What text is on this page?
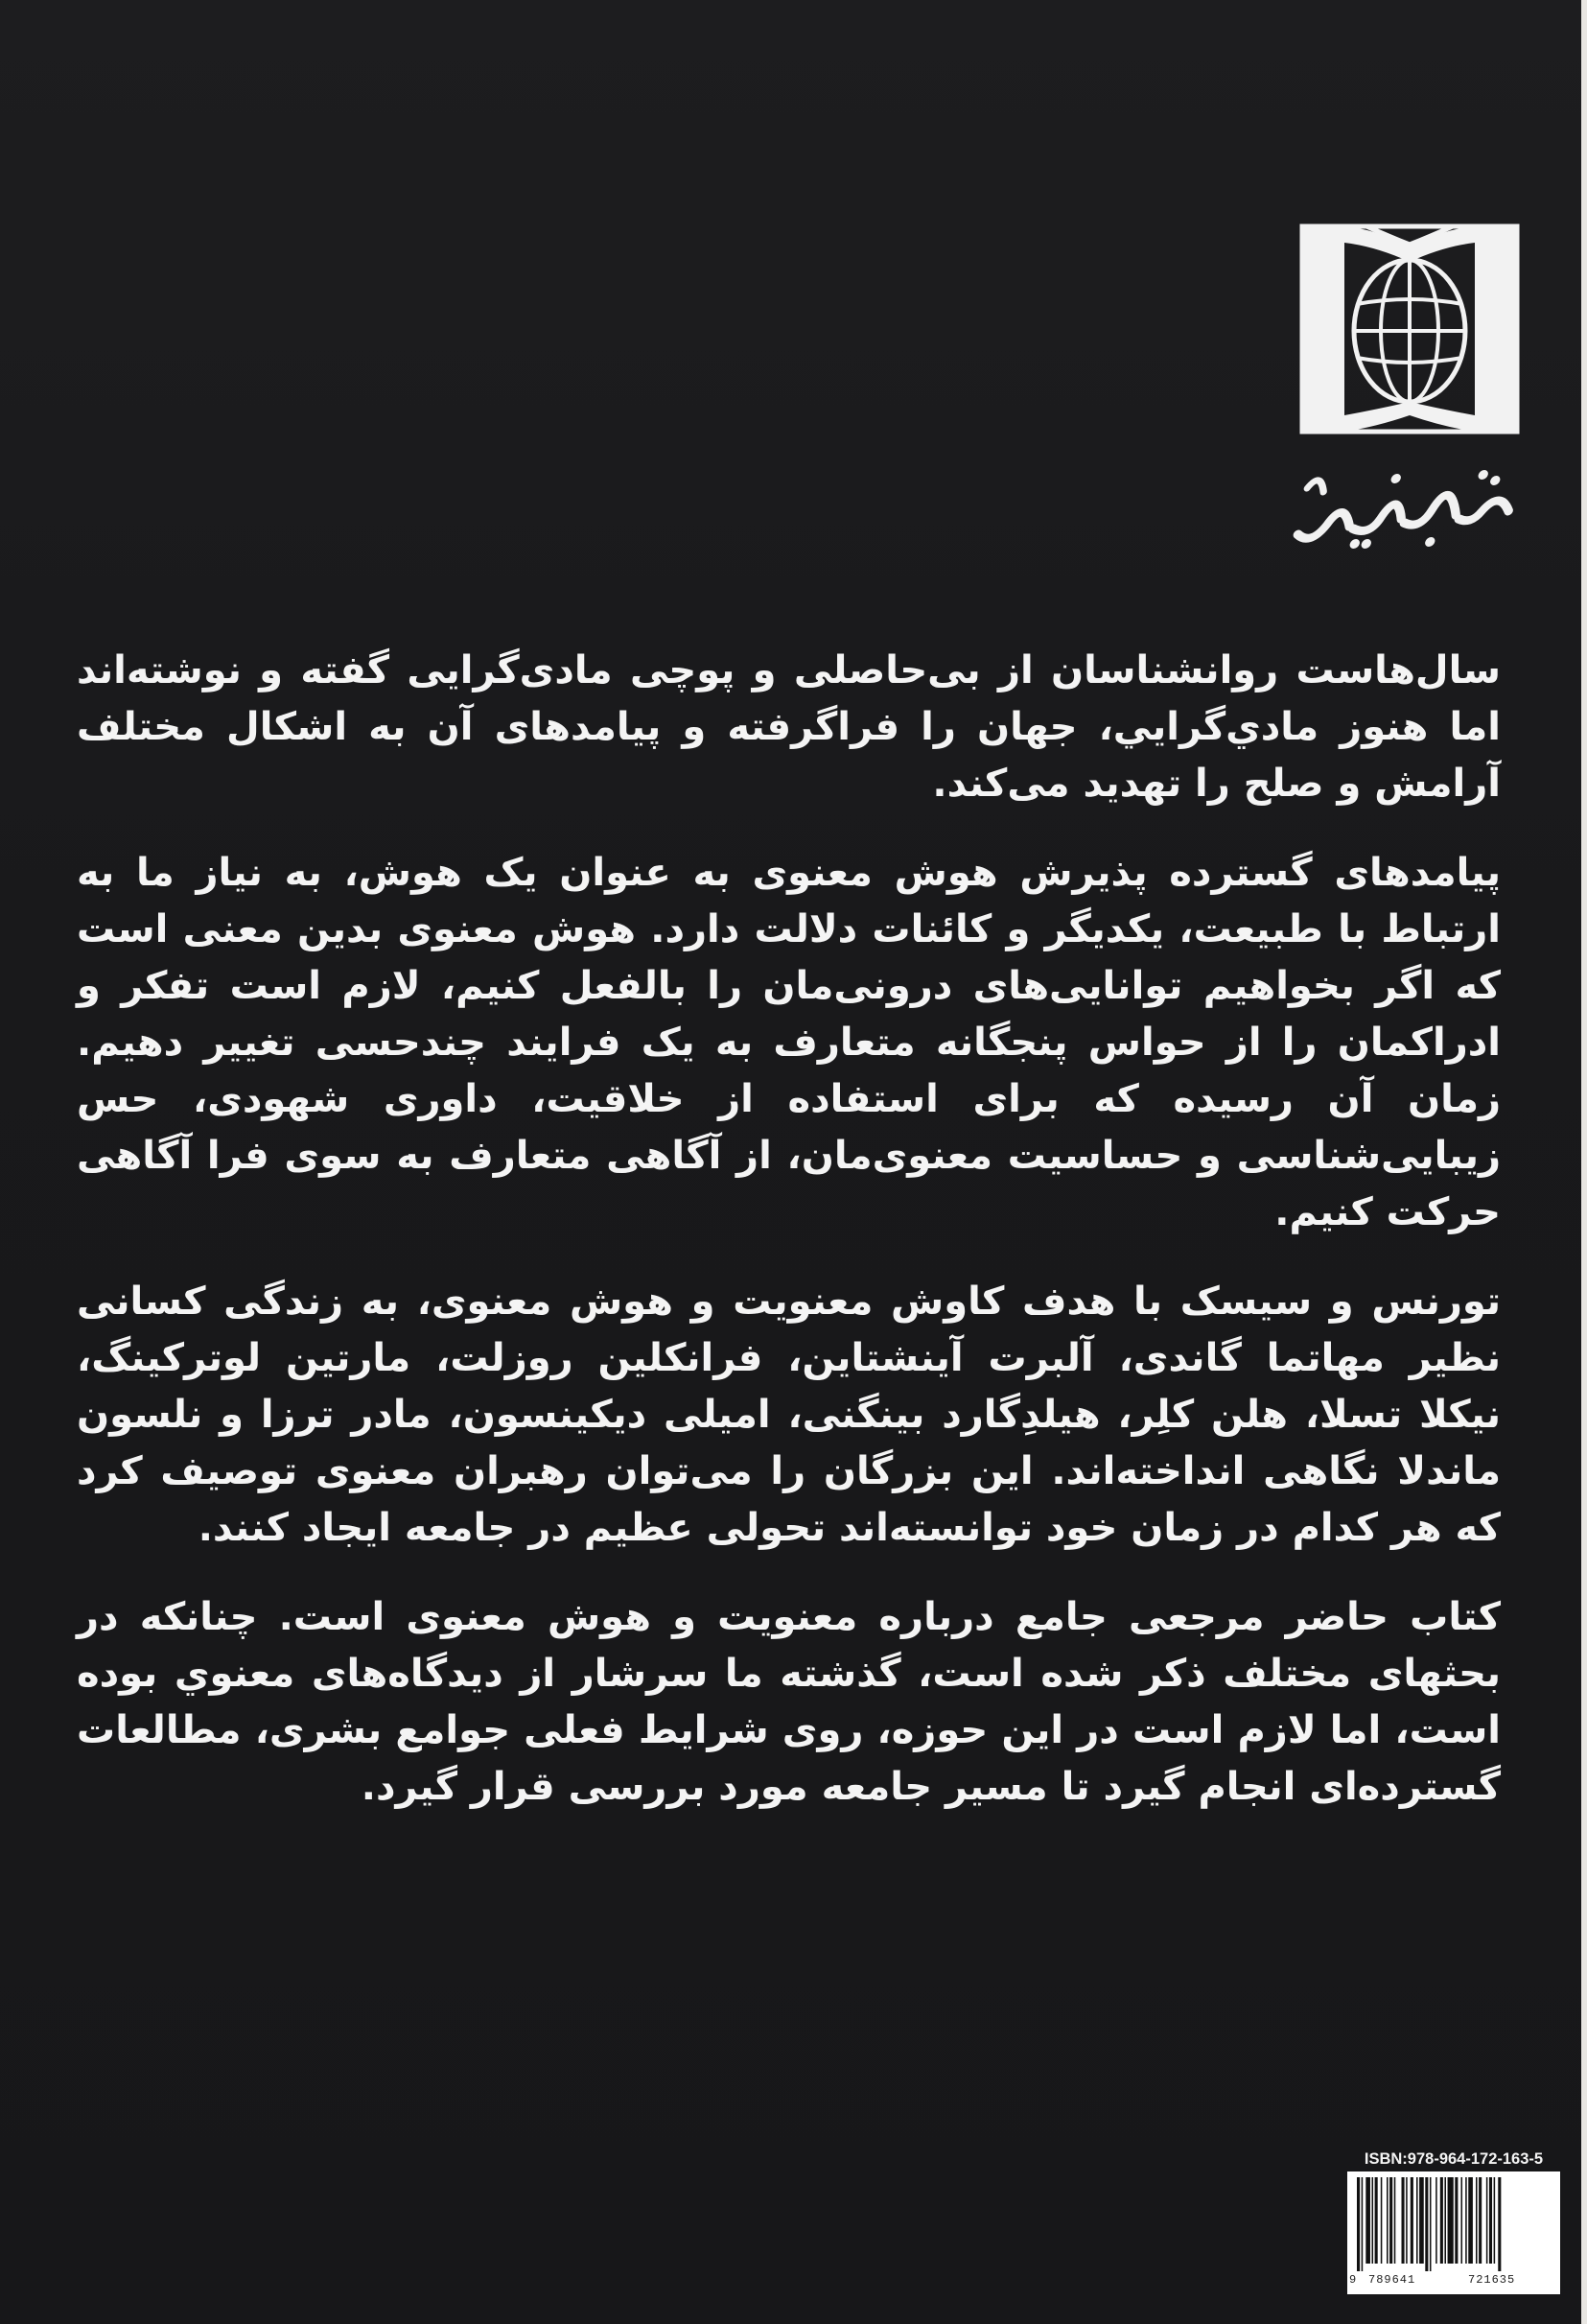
سال‌هاست روانشناسان از بی‌حاصلی و پوچی مادی‌گرایی گفته و نوشته‌اند اما هنوز مادي‌گرايي، جهان را فراگرفته و پیامدهای آن به اشکال مختلف آرامش و صلح را تهدید می‌کند.

پیامدهای گسترده پذیرش هوش معنوی به عنوان یک هوش، به نیاز ما به ارتباط با طبیعت، یکدیگر و کائنات دلالت دارد. هوش معنوی بدین معنی است که اگر بخواهیم توانایی‌های درونی‌مان را بالفعل کنیم، لازم است تفکر و ادراکمان را از حواس پنجگانه متعارف به یک فرایند چندحسی تغییر دهیم. زمان آن رسیده که برای استفاده از خلاقیت، داوری شهودی، حس زیبایی‌شناسی و حساسیت معنوی‌مان، از آگاهی متعارف به سوی فرا آگاهی حرکت کنیم.

تورنس و سیسک با هدف کاوش معنویت و هوش معنوی، به زندگی کسانی نظیر مهاتما گاندی، آلبرت آینشتاین، فرانکلین روزلت، مارتین لوترکینگ، نیکلا تسلا، هلن کلِر، هیلدِگارد بینگنی، امیلی دیکینسون، مادر ترزا و نلسون ماندلا نگاهی انداخته‌اند. این بزرگان را می‌توان رهبران معنوی توصیف کرد که هر کدام در زمان خود توانسته‌اند تحولی عظیم در جامعه ایجاد کنند.

کتاب حاضر مرجعی جامع درباره معنویت و هوش معنوی است. چنانکه در بحثهای مختلف ذکر شده است، گذشته ما سرشار از دیدگاه‌های معنوي بوده است، اما لازم است در این حوزه، روی شرایط فعلی جوامع بشری، مطالعات گسترده‌ای انجام گیرد تا مسیر جامعه مورد بررسی قرار گیرد.

ISBN:978-964-172-163-5
9 789641	721635
